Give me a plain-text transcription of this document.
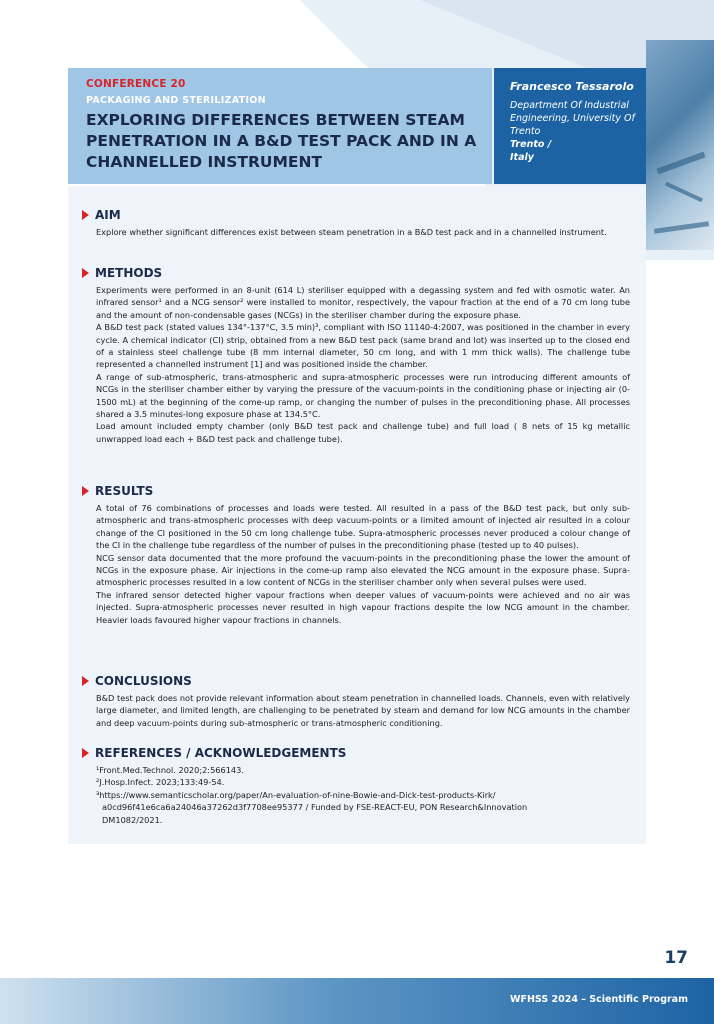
CONFERENCE 20
PACKAGING AND STERILIZATION
EXPLORING DIFFERENCES BETWEEN STEAM
PENETRATION IN A B&D TEST PACK AND IN A
CHANNELLED INSTRUMENT
Francesco Tessarolo
Department Of Industrial
Engineering, University Of
Trento
Trento /
Italy
AIM

Explore whether significant differences exist between steam penetration in a B&D test pack and in a channelled instrument.

METHODS

Experiments were performed in an 8-unit (614 L) steriliser equipped with a degassing system and fed with osmotic water. An infrared sensor¹ and a NCG sensor² were installed to monitor, respectively, the vapour fraction at the end of a 70 cm long tube and the amount of non-condensable gases (NCGs) in the steriliser chamber during the exposure phase.

A B&D test pack (stated values 134°-137°C, 3.5 min)³, compliant with ISO 11140-4:2007, was positioned in the chamber in every cycle. A chemical indicator (CI) strip, obtained from a new B&D test pack (same brand and lot) was inserted up to the closed end of a stainless steel challenge tube (8 mm internal diameter, 50 cm long, and with 1 mm thick walls). The challenge tube represented a channelled instrument [1] and was positioned inside the chamber.

A range of sub-atmospheric, trans-atmospheric and supra-atmospheric processes were run introducing different amounts of NCGs in the steriliser chamber either by varying the pressure of the vacuum-points in the conditioning phase or injecting air (0-1500 mL) at the beginning of the come-up ramp, or changing the number of pulses in the preconditioning phase. All processes shared a 3.5 minutes-long exposure phase at 134.5°C.

Load amount included empty chamber (only B&D test pack and challenge tube) and full load ( 8 nets of 15 kg metallic unwrapped load each + B&D test pack and challenge tube).

RESULTS

A total of 76 combinations of processes and loads were tested. All resulted in a pass of the B&D test pack, but only sub-atmospheric and trans-atmospheric processes with deep vacuum-points or a limited amount of injected air resulted in a colour change of the CI positioned in the 50 cm long challenge tube. Supra-atmospheric processes never produced a colour change of the CI in the challenge tube regardless of the number of pulses in the preconditioning phase (tested up to 40 pulses).

NCG sensor data documented that the more profound the vacuum-points in the preconditioning phase the lower the amount of NCGs in the exposure phase. Air injections in the come-up ramp also elevated the NCG amount in the exposure phase. Supra-atmospheric processes resulted in a low content of NCGs in the steriliser chamber only when several pulses were used.

The infrared sensor detected higher vapour fractions when deeper values of vacuum-points were achieved and no air was injected. Supra-atmospheric processes never resulted in high vapour fractions despite the low NCG amount in the chamber. Heavier loads favoured higher vapour fractions in channels.

CONCLUSIONS

B&D test pack does not provide relevant information about steam penetration in channelled loads. Channels, even with relatively large diameter, and limited length, are challenging to be penetrated by steam and demand for low NCG amounts in the chamber and deep vacuum-points during sub-atmospheric or trans-atmospheric conditioning.

REFERENCES / ACKNOWLEDGEMENTS

¹Front.Med.Technol. 2020;2:566143.

²J.Hosp.Infect. 2023;133:49-54.

³https://www.semanticscholar.org/paper/An-evaluation-of-nine-Bowie-and-Dick-test-products-Kirk/

a0cd96f41e6ca6a24046a37262d3f7708ee95377 / Funded by FSE-REACT-EU, PON Research&Innovation

DM1082/2021.

17
WFHSS 2024 – Scientific Program
